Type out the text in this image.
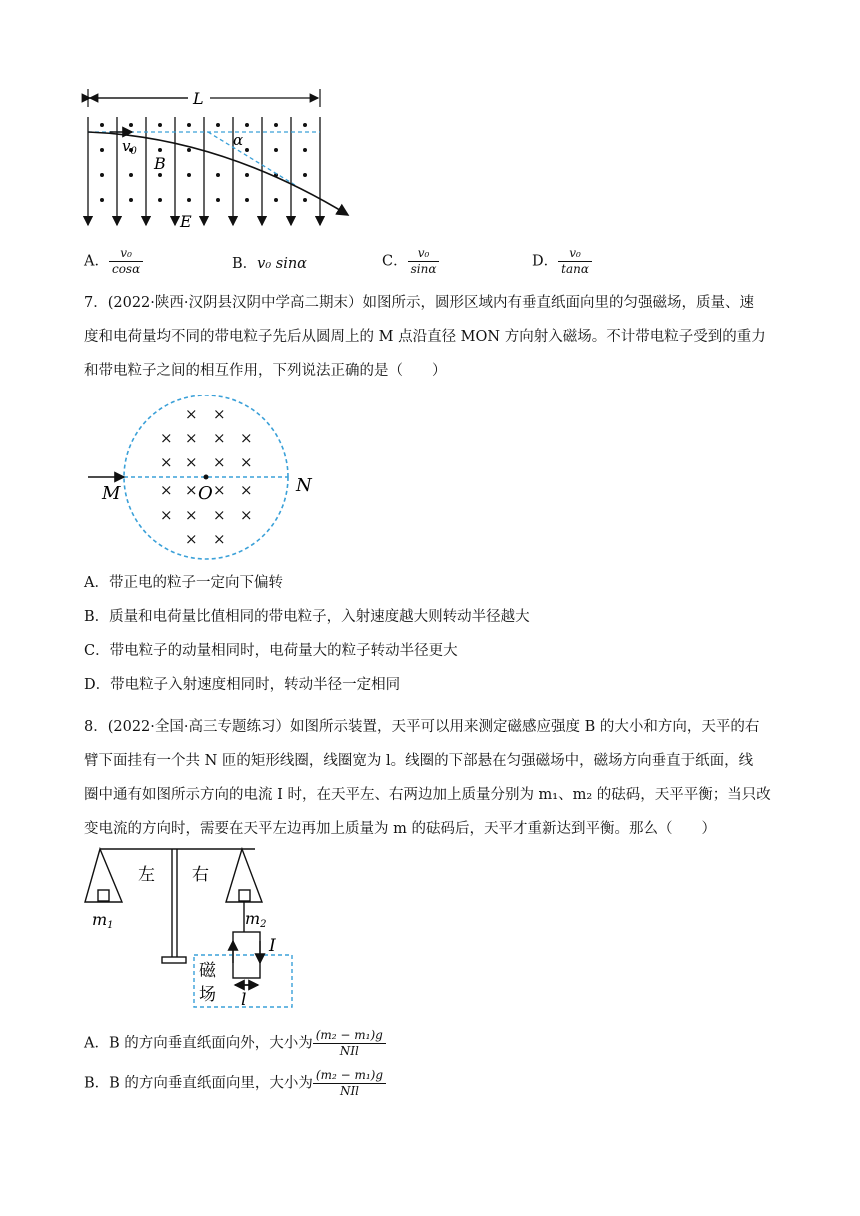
L
$v_0$
B
E
α
A． $\frac{\text{v₀}}{\cos\alpha}$	B．v₀ sinα	C． $\frac{\text{v₀}}{\sin\alpha}$	D． $\frac{\text{v₀}}{\tan\alpha}$
7．(2022·陕西·汉阴县汉阴中学高二期末）如图所示，圆形区域内有垂直纸面向里的匀强磁场，质量、速
度和电荷量均不同的带电粒子先后从圆周上的 M 点沿直径 MON 方向射入磁场。不计带电粒子受到的重力
和带电粒子之间的相互作用，下列说法正确的是（　　）
× ×
× × × ×
× × × ×
× × × ×
× × × ×
× ×
M	O	N
A．带正电的粒子一定向下偏转
B．质量和电荷量比值相同的带电粒子，入射速度越大则转动半径越大
C．带电粒子的动量相同时，电荷量大的粒子转动半径更大
D．带电粒子入射速度相同时，转动半径一定相同
8．(2022·全国·高三专题练习）如图所示装置，天平可以用来测定磁感应强度 B 的大小和方向，天平的右
臂下面挂有一个共 N 匝的矩形线圈，线圈宽为 l。线圈的下部悬在匀强磁场中，磁场方向垂直于纸面，线
圈中通有如图所示方向的电流 I 时，在天平左、右两边加上质量分别为 m₁、m₂ 的砝码，天平平衡；当只改
变电流的方向时，需要在天平左边再加上质量为 m 的砝码后，天平才重新达到平衡。那么（　　）
左 右
m1	m2
I
l
磁
场
A．B 的方向垂直纸面向外，大小为 $\frac{\text{(m₂ − m₁)g}}{\text{NIl}}$
B．B 的方向垂直纸面向里，大小为 $\frac{\text{(m₂ − m₁)g}}{\text{NIl}}$
